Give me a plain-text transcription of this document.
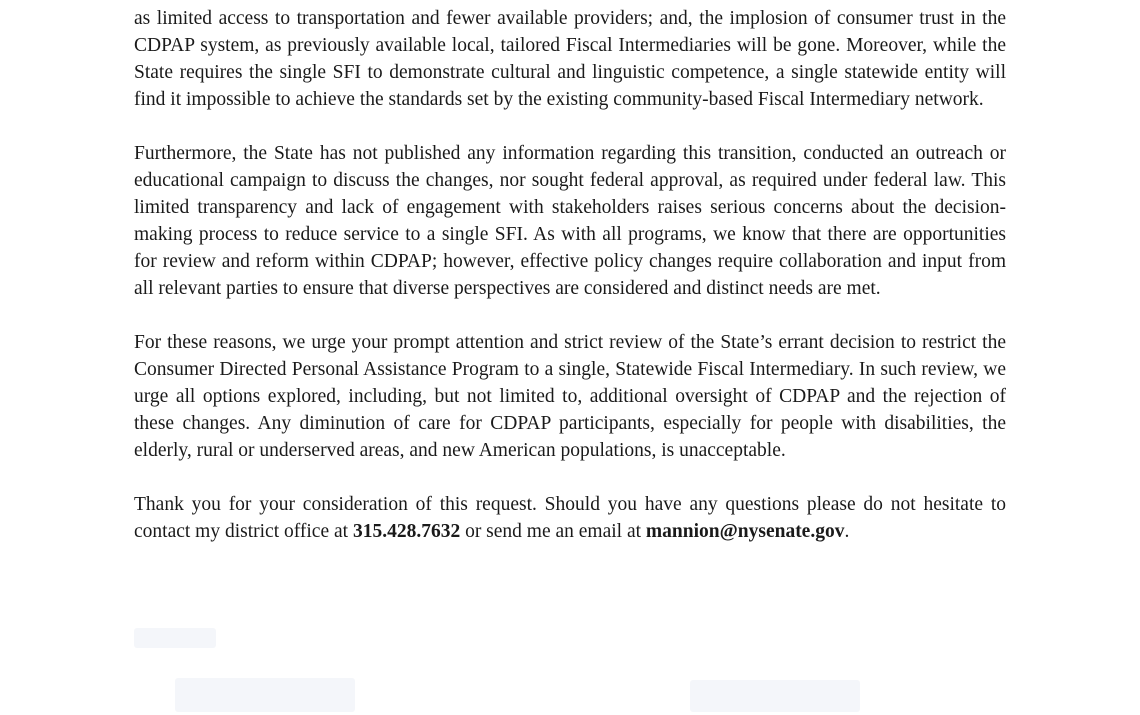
as limited access to transportation and fewer available providers; and, the implosion of consumer trust in the CDPAP system, as previously available local, tailored Fiscal Intermediaries will be gone. Moreover, while the State requires the single SFI to demonstrate cultural and linguistic competence, a single statewide entity will find it impossible to achieve the standards set by the existing community-based Fiscal Intermediary network.

Furthermore, the State has not published any information regarding this transition, conducted an outreach or educational campaign to discuss the changes, nor sought federal approval, as required under federal law. This limited transparency and lack of engagement with stakeholders raises serious concerns about the decision-making process to reduce service to a single SFI. As with all programs, we know that there are opportunities for review and reform within CDPAP; however, effective policy changes require collaboration and input from all relevant parties to ensure that diverse perspectives are considered and distinct needs are met.

For these reasons, we urge your prompt attention and strict review of the State’s errant decision to restrict the Consumer Directed Personal Assistance Program to a single, Statewide Fiscal Intermediary. In such review, we urge all options explored, including, but not limited to, additional oversight of CDPAP and the rejection of these changes. Any diminution of care for CDPAP participants, especially for people with disabilities, the elderly, rural or underserved areas, and new American populations, is unacceptable.

Thank you for your consideration of this request. Should you have any questions please do not hesitate to contact my district office at 315.428.7632 or send me an email at mannion@nysenate.gov.
